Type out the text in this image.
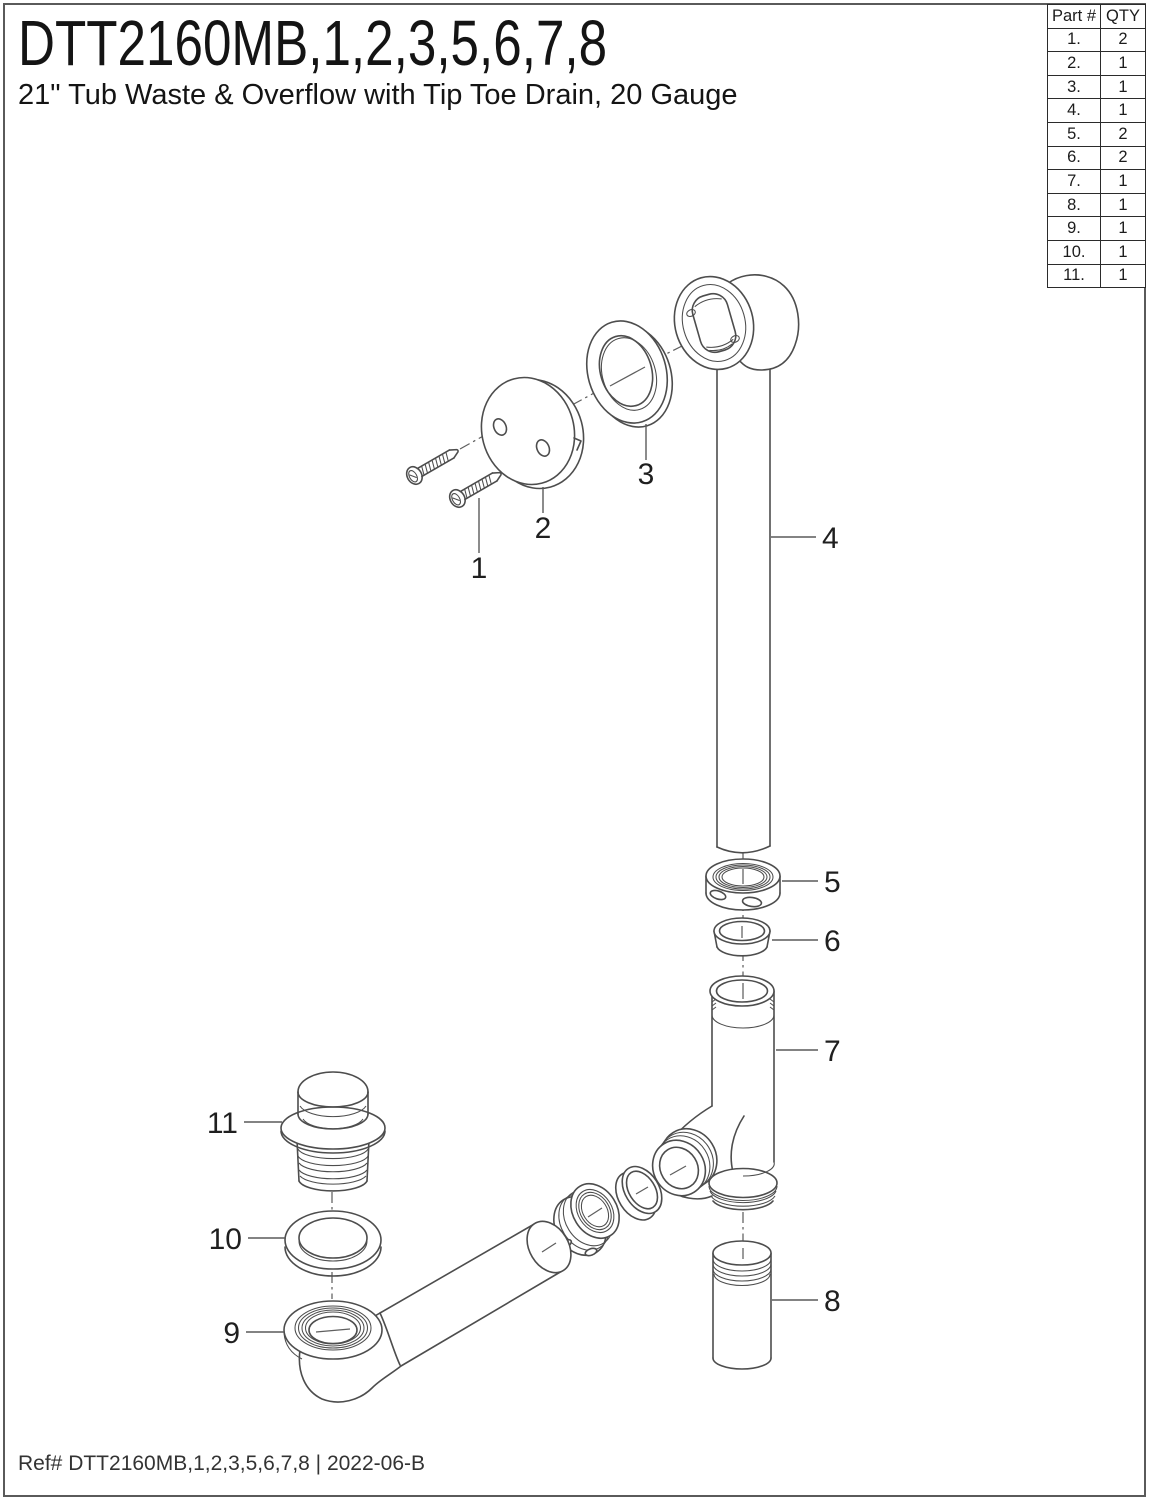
DTT2160MB,1,2,3,5,6,7,8
21" Tub Waste & Overflow with Tip Toe Drain, 20 Gauge
1
2
3
4
5
6
7
8
9
10
11
Part #	QTY
1.	2
2.	1
3.	1
4.	1
5.	2
6.	2
7.	1
8.	1
9.	1
10.	1
11.	1
Ref# DTT2160MB,1,2,3,5,6,7,8 | 2022-06-B
